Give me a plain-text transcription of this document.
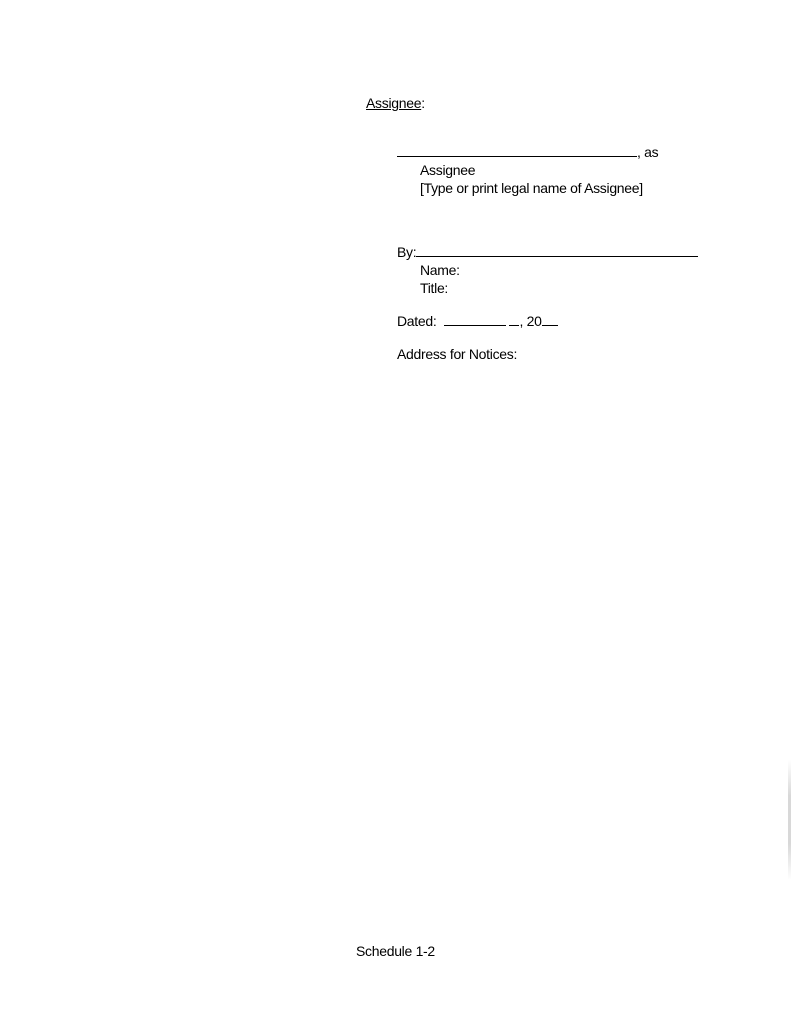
Assignee:
, as
Assignee
[Type or print legal name of Assignee]
By:
Name:
Title:
Dated:	, 20
Address for Notices:
Schedule 1-2
